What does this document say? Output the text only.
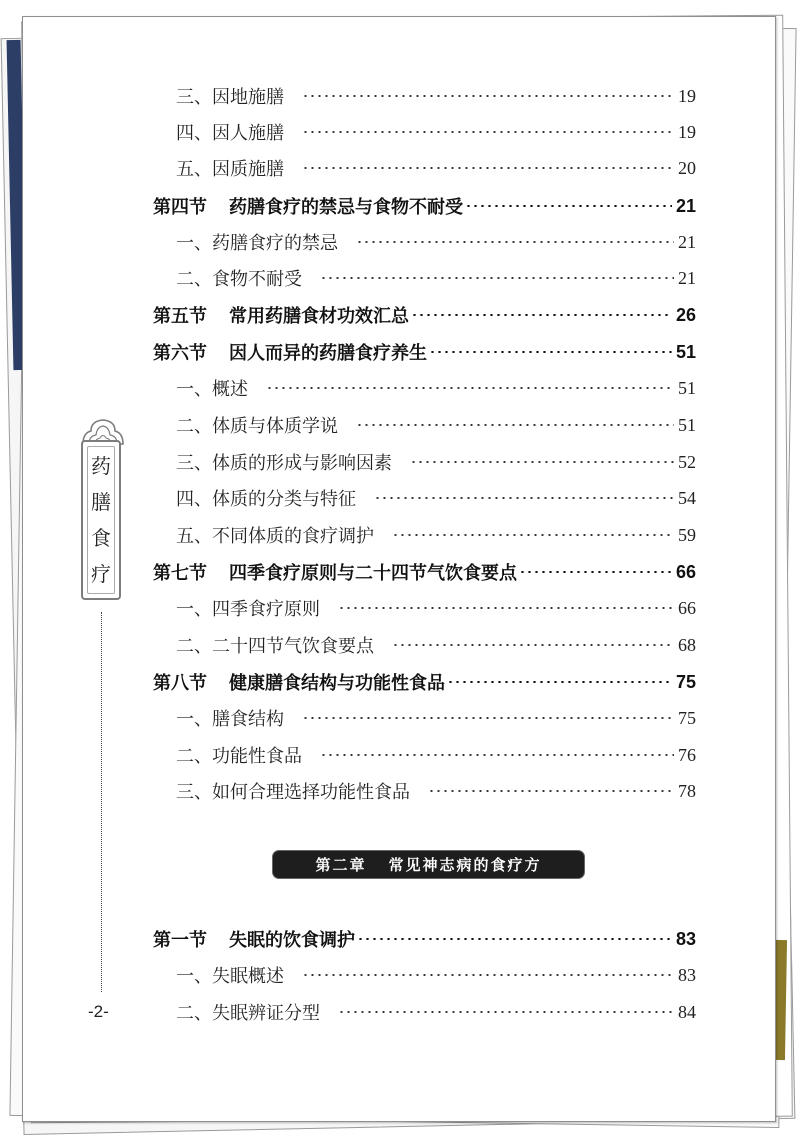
药
膳
食
疗
-2-
三、因地施膳	19
四、因人施膳	19
五、因质施膳	20
第四节 药膳食疗的禁忌与食物不耐受	21
一、药膳食疗的禁忌	21
二、食物不耐受	21
第五节 常用药膳食材功效汇总	26
第六节 因人而异的药膳食疗养生	51
一、概述	51
二、体质与体质学说	51
三、体质的形成与影响因素	52
四、体质的分类与特征	54
五、不同体质的食疗调护	59
第七节 四季食疗原则与二十四节气饮食要点	66
一、四季食疗原则	66
二、二十四节气饮食要点	68
第八节 健康膳食结构与功能性食品	75
一、膳食结构	75
二、功能性食品	76
三、如何合理选择功能性食品	78
第二章 常见神志病的食疗方
第一节 失眠的饮食调护	83
一、失眠概述	83
二、失眠辨证分型	84
